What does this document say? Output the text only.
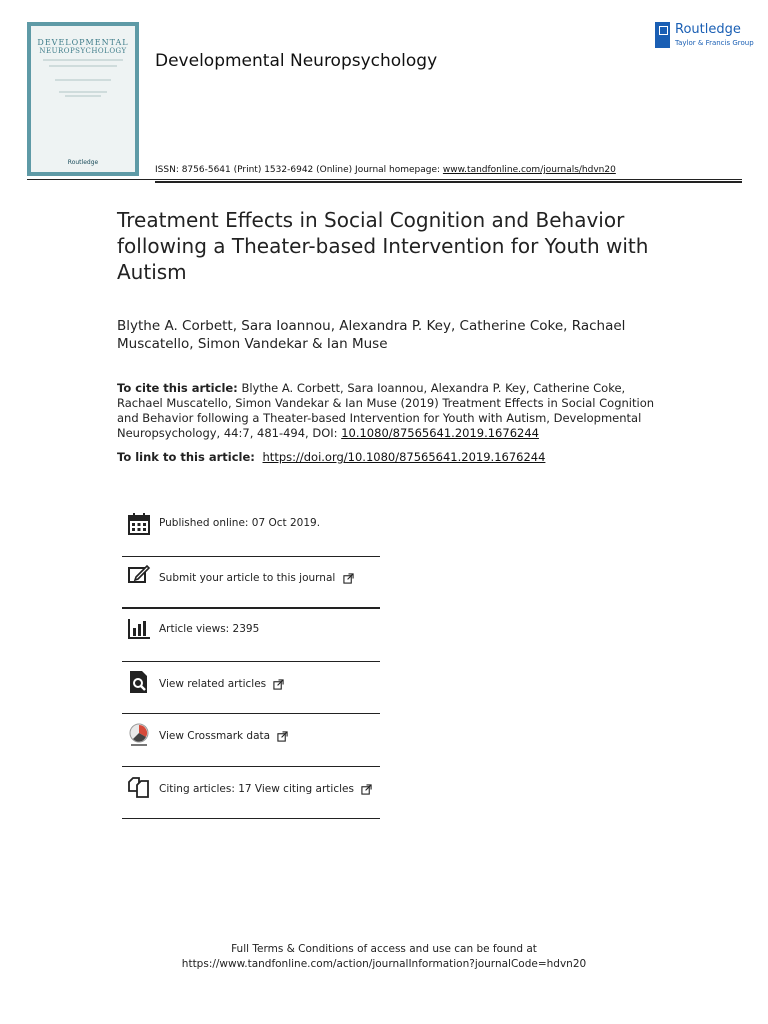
DEVELOPMENTAL
NEUROPSYCHOLOGY
Routledge
Developmental Neuropsychology
Routledge
Taylor & Francis Group
ISSN: 8756-5641 (Print) 1532-6942 (Online) Journal homepage: www.tandfonline.com/journals/hdvn20
Treatment Effects in Social Cognition and Behavior following a Theater-based Intervention for Youth with Autism
Blythe A. Corbett, Sara Ioannou, Alexandra P. Key, Catherine Coke, Rachael Muscatello, Simon Vandekar & Ian Muse
To cite this article: Blythe A. Corbett, Sara Ioannou, Alexandra P. Key, Catherine Coke, Rachael Muscatello, Simon Vandekar & Ian Muse (2019) Treatment Effects in Social Cognition and Behavior following a Theater-based Intervention for Youth with Autism, Developmental Neuropsychology, 44:7, 481-494, DOI: 10.1080/87565641.2019.1676244
To link to this article: https://doi.org/10.1080/87565641.2019.1676244
Published online: 07 Oct 2019.
Submit your article to this journal
Article views: 2395
View related articles
View Crossmark data
Citing articles: 17 View citing articles
Full Terms & Conditions of access and use can be found at
https://www.tandfonline.com/action/journalInformation?journalCode=hdvn20
